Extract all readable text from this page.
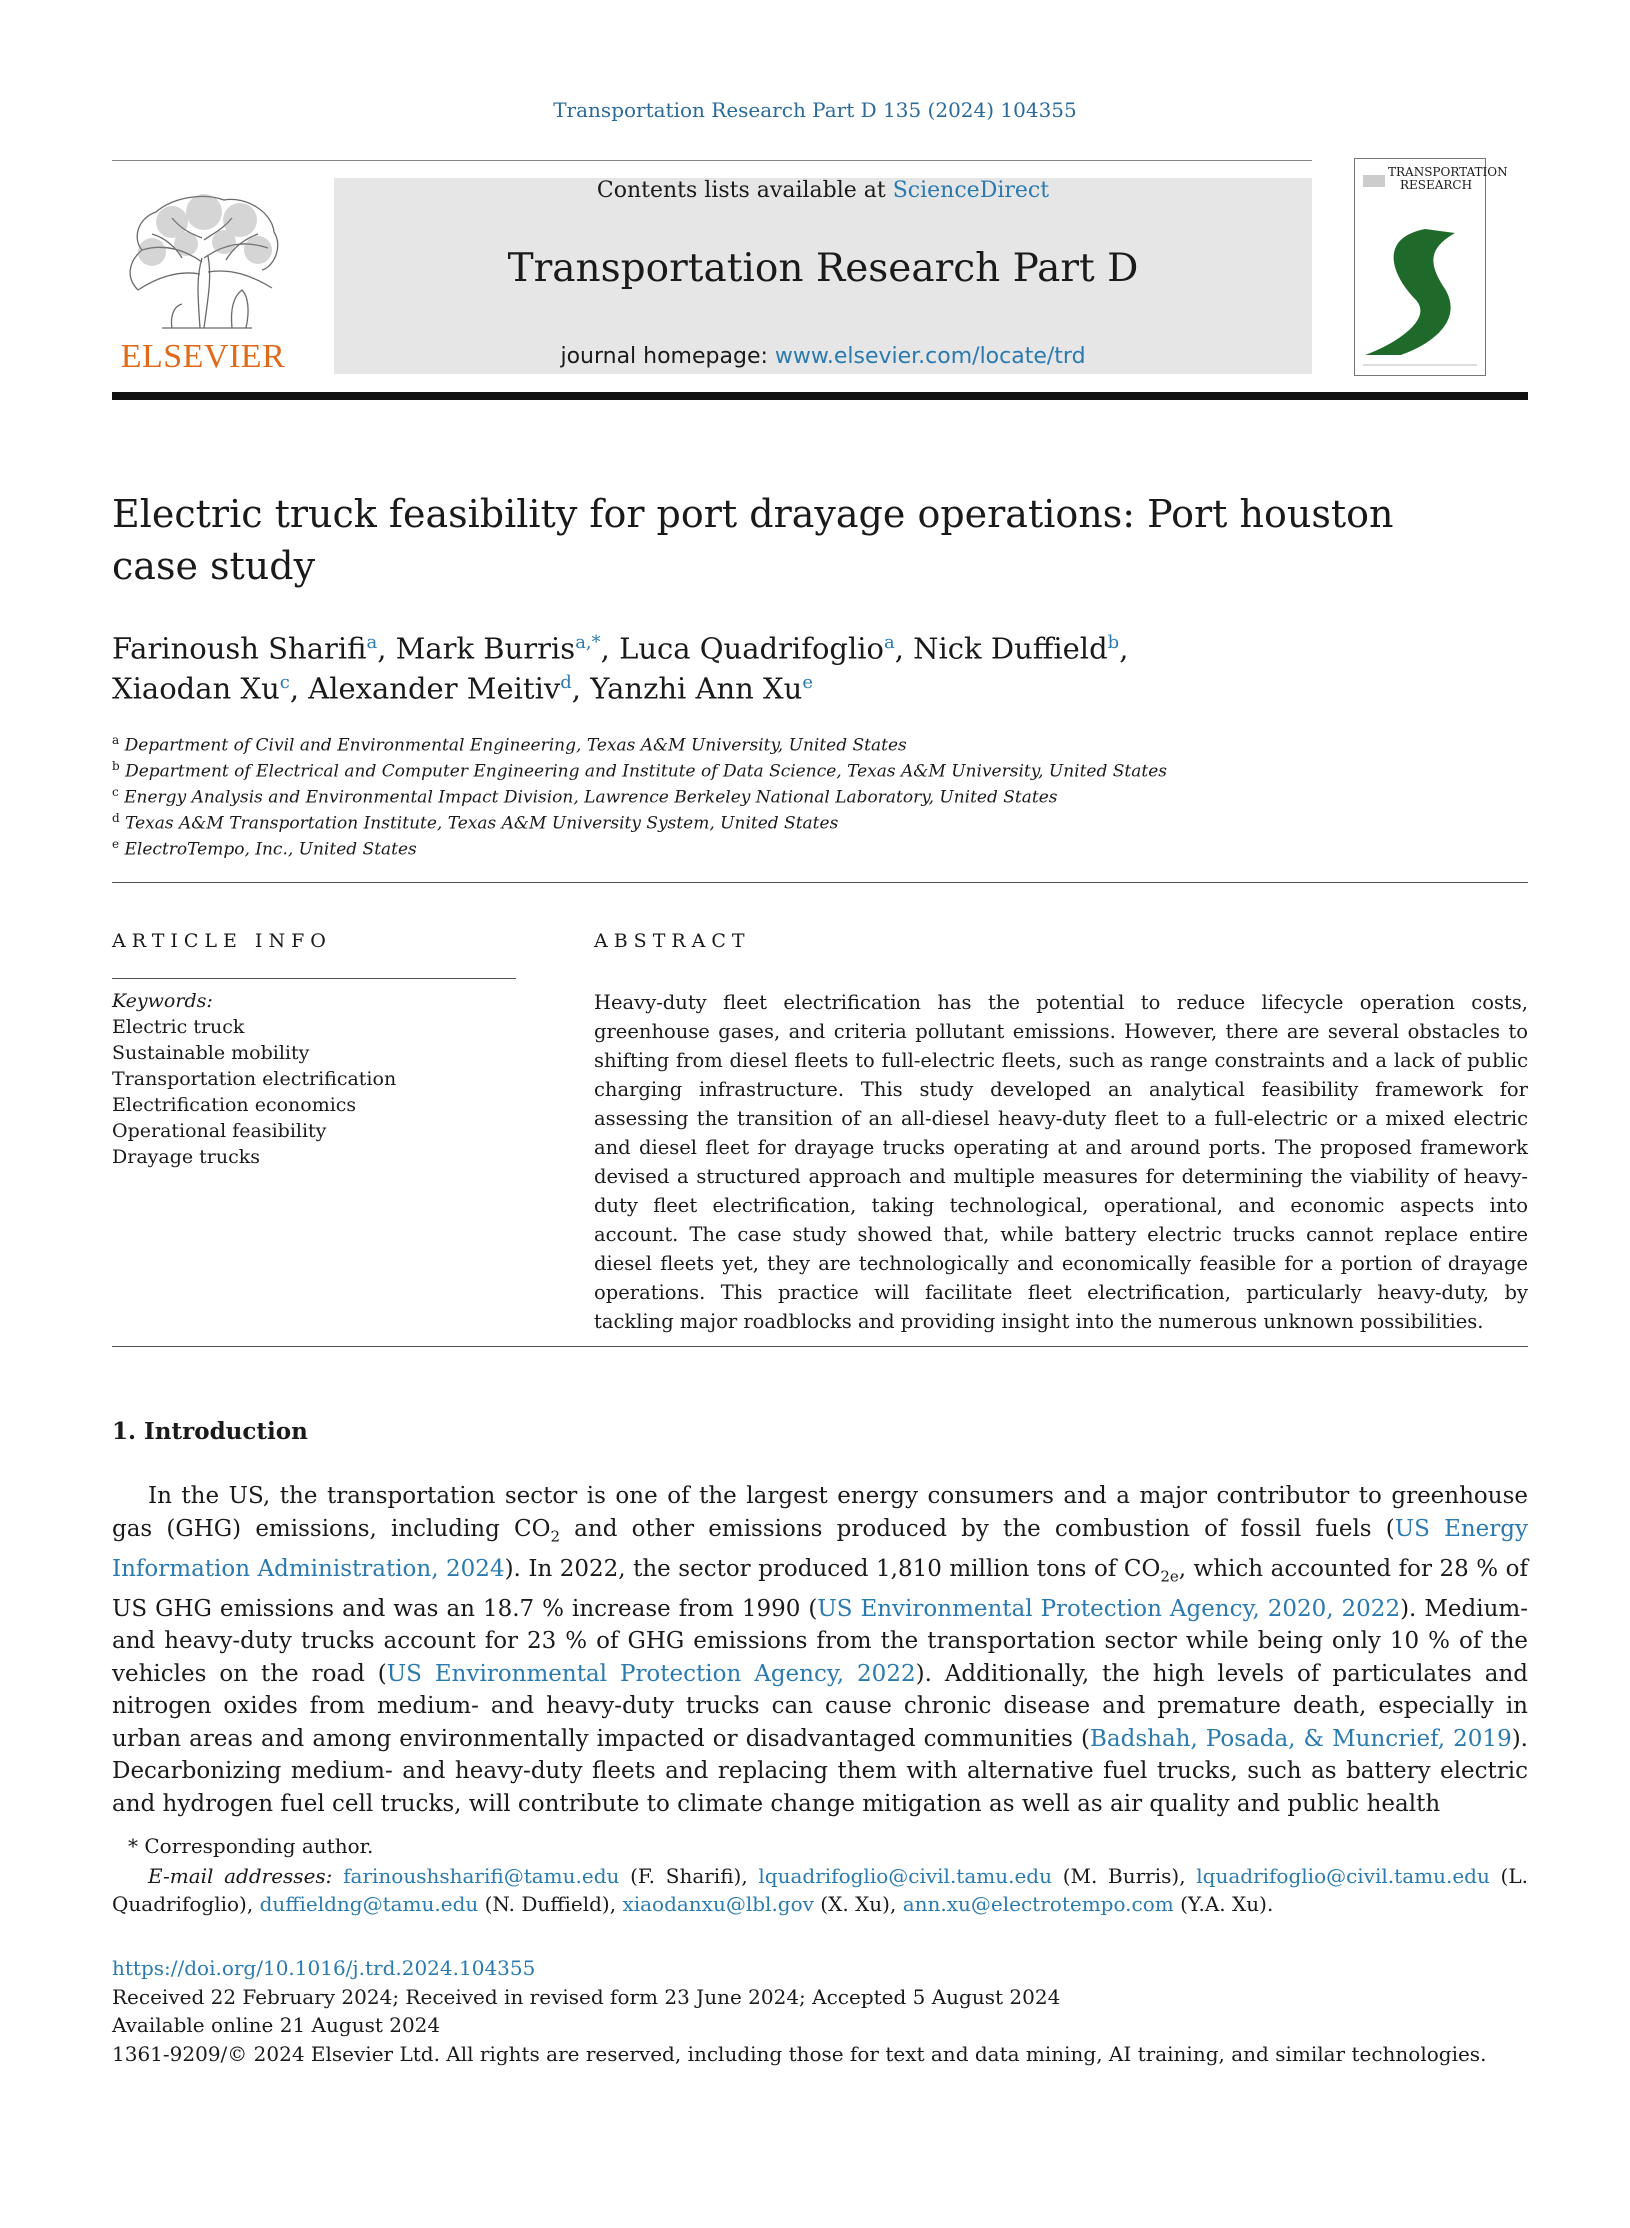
Transportation Research Part D 135 (2024) 104355
ELSEVIER
Contents lists available at ScienceDirect
Transportation Research Part D
journal homepage: www.elsevier.com/locate/trd
TRANSPORTATION RESEARCH
Electric truck feasibility for port drayage operations: Port houston case study
Farinoush Sharifi$^a$, Mark Burris$^{a,*}$, Luca Quadrifoglio$^a$, Nick Duffield$^b$,
Xiaodan Xu$^c$, Alexander Meitiv$^d$, Yanzhi Ann Xu$^e$
$^a$ Department of Civil and Environmental Engineering, Texas A&M University, United States
$^b$ Department of Electrical and Computer Engineering and Institute of Data Science, Texas A&M University, United States
$^c$ Energy Analysis and Environmental Impact Division, Lawrence Berkeley National Laboratory, United States
$^d$ Texas A&M Transportation Institute, Texas A&M University System, United States
$^e$ ElectroTempo, Inc., United States
ARTICLE INFO	ABSTRACT
Keywords:
Electric truck
Sustainable mobility
Transportation electrification
Electrification economics
Operational feasibility
Drayage trucks
Heavy-duty fleet electrification has the potential to reduce lifecycle operation costs, greenhouse gases, and criteria pollutant emissions. However, there are several obstacles to shifting from diesel fleets to full-electric fleets, such as range constraints and a lack of public charging infrastructure. This study developed an analytical feasibility framework for assessing the transition of an all-diesel heavy-duty fleet to a full-electric or a mixed electric and diesel fleet for drayage trucks operating at and around ports. The proposed framework devised a structured approach and multiple measures for determining the viability of heavy-duty fleet electrification, taking technological, operational, and economic aspects into account. The case study showed that, while battery electric trucks cannot replace entire diesel fleets yet, they are technologically and economically feasible for a portion of drayage operations. This practice will facilitate fleet electrification, particularly heavy-duty, by tackling major roadblocks and providing insight into the numerous unknown possibilities.
1. Introduction
In the US, the transportation sector is one of the largest energy consumers and a major contributor to greenhouse gas (GHG) emissions, including $CO_2$ and other emissions produced by the combustion of fossil fuels (US Energy Information Administration, 2024). In 2022, the sector produced 1,810 million tons of $CO_{2e}$, which accounted for 28 % of US GHG emissions and was an 18.7 % increase from 1990 (US Environmental Protection Agency, 2020, 2022). Medium- and heavy-duty trucks account for 23 % of GHG emissions from the transportation sector while being only 10 % of the vehicles on the road (US Environmental Protection Agency, 2022). Additionally, the high levels of particulates and nitrogen oxides from medium- and heavy-duty trucks can cause chronic disease and premature death, especially in urban areas and among environmentally impacted or disadvantaged communities (Badshah, Posada, & Muncrief, 2019). Decarbonizing medium- and heavy-duty fleets and replacing them with alternative fuel trucks, such as battery electric and hydrogen fuel cell trucks, will contribute to climate change mitigation as well as air quality and public health
* Corresponding author.
E-mail addresses: farinoushsharifi@tamu.edu (F. Sharifi), lquadrifoglio@civil.tamu.edu (M. Burris), lquadrifoglio@civil.tamu.edu (L. Quadrifoglio), duffieldng@tamu.edu (N. Duffield), xiaodanxu@lbl.gov (X. Xu), ann.xu@electrotempo.com (Y.A. Xu).
https://doi.org/10.1016/j.trd.2024.104355
Received 22 February 2024; Received in revised form 23 June 2024; Accepted 5 August 2024
Available online 21 August 2024
1361-9209/© 2024 Elsevier Ltd. All rights are reserved, including those for text and data mining, AI training, and similar technologies.
